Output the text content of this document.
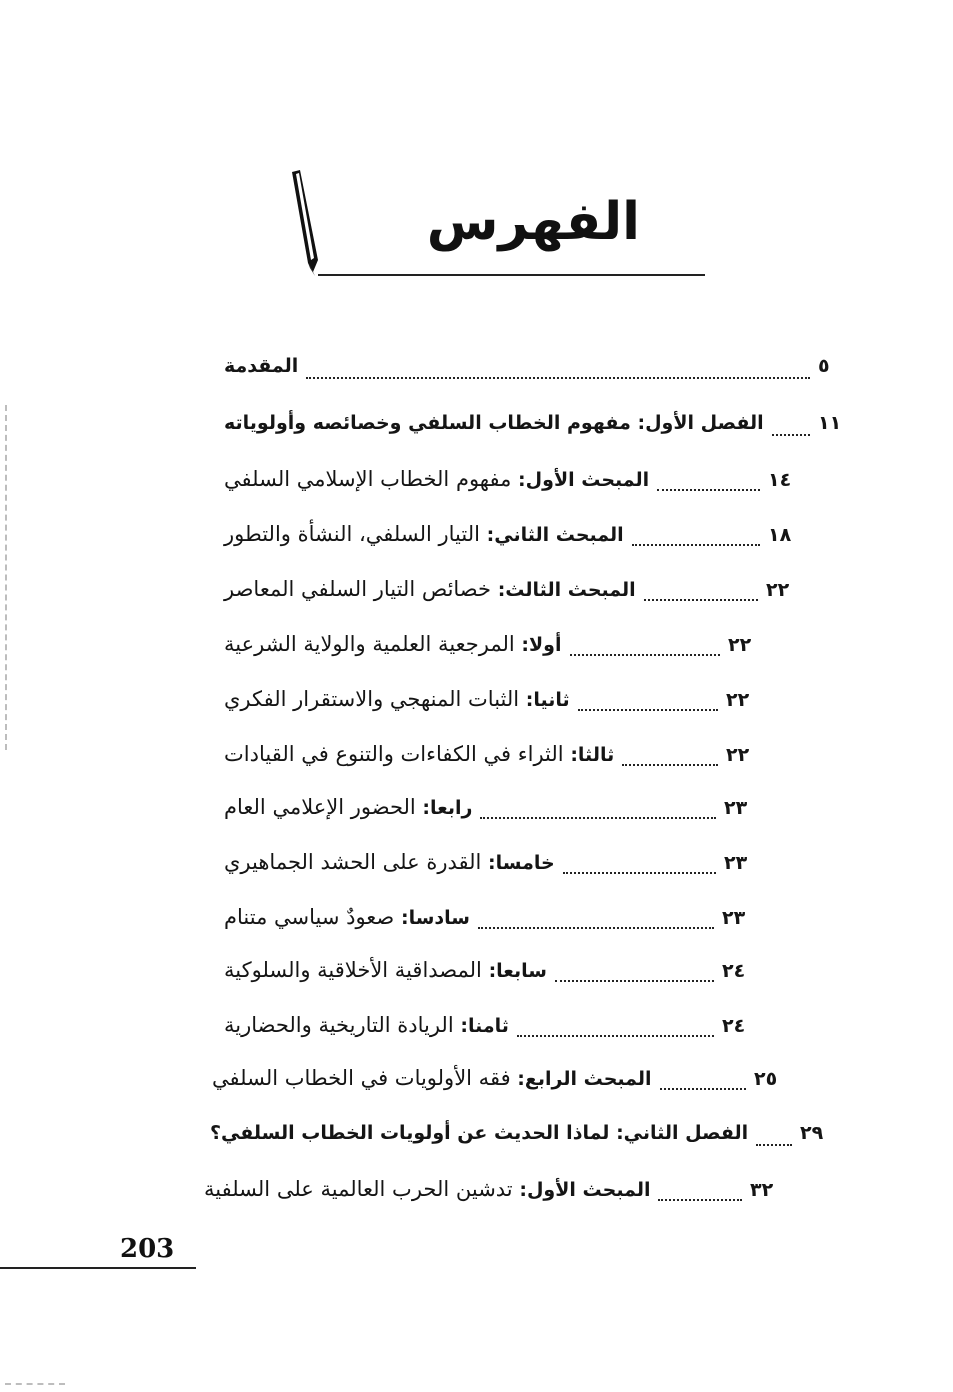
الفهرس
المقدمة	٥
الفصل الأول: مفهوم الخطاب السلفي وخصائصه وأولوياته	١١
المبحث الأول: مفهوم الخطاب الإسلامي السلفي	١٤
المبحث الثاني: التيار السلفي، النشأة والتطور	١٨
المبحث الثالث: خصائص التيار السلفي المعاصر	٢٢
أولا: المرجعية العلمية والولاية الشرعية	٢٢
ثانيا: الثبات المنهجي والاستقرار الفكري	٢٢
ثالثا: الثراء في الكفاءات والتنوع في القيادات	٢٢
رابعا: الحضور الإعلامي العام	٢٣
خامسا: القدرة على الحشد الجماهيري	٢٣
سادسا: صعودٌ سياسي متنام	٢٣
سابعا: المصداقية الأخلاقية والسلوكية	٢٤
ثامنا: الريادة التاريخية والحضارية	٢٤
المبحث الرابع: فقه الأولويات في الخطاب السلفي	٢٥
الفصل الثاني: لماذا الحديث عن أولويات الخطاب السلفي؟	٢٩
المبحث الأول: تدشين الحرب العالمية على السلفية	٣٢
203
